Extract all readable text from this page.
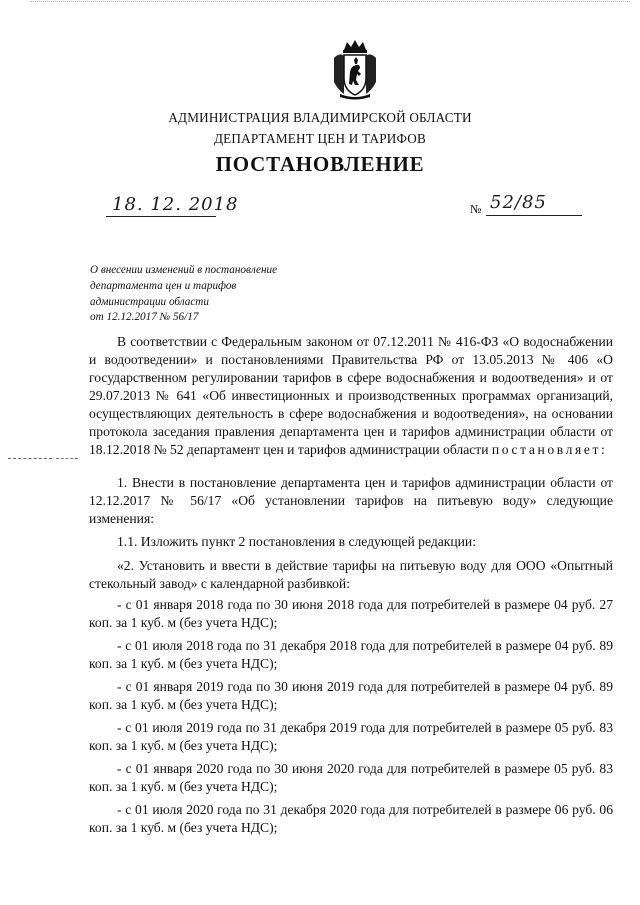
АДМИНИСТРАЦИЯ ВЛАДИМИРСКОЙ ОБЛАСТИ
ДЕПАРТАМЕНТ ЦЕН И ТАРИФОВ
ПОСТАНОВЛЕНИЕ
18. 12. 2018	№ 52/85
О внесении изменений в постановление
департамента цен и тарифов
администрации области
от 12.12.2017 № 56/17
В соответствии с Федеральным законом от 07.12.2011 № 416-ФЗ «О водоснабжении и водоотведении» и постановлениями Правительства РФ от 13.05.2013 № 406 «О государственном регулировании тарифов в сфере водоснабжения и водоотведения» и от 29.07.2013 № 641 «Об инвестиционных и производственных программах организаций, осуществляющих деятельность в сфере водоснабжения и водоотведения», на основании протокола заседания правления департамента цен и тарифов администрации области от 18.12.2018 № 52 департамент цен и тарифов администрации области постановляет:
1. Внести в постановление департамента цен и тарифов администрации области от 12.12.2017 № 56/17 «Об установлении тарифов на питьевую воду» следующие изменения:
1.1. Изложить пункт 2 постановления в следующей редакции:
«2. Установить и ввести в действие тарифы на питьевую воду для ООО «Опытный стекольный завод» с календарной разбивкой:
- с 01 января 2018 года по 30 июня 2018 года для потребителей в размере 04 руб. 27 коп. за 1 куб. м (без учета НДС);
- с 01 июля 2018 года по 31 декабря 2018 года для потребителей в размере 04 руб. 89 коп. за 1 куб. м (без учета НДС);
- с 01 января 2019 года по 30 июня 2019 года для потребителей в размере 04 руб. 89 коп. за 1 куб. м (без учета НДС);
- с 01 июля 2019 года по 31 декабря 2019 года для потребителей в размере 05 руб. 83 коп. за 1 куб. м (без учета НДС);
- с 01 января 2020 года по 30 июня 2020 года для потребителей в размере 05 руб. 83 коп. за 1 куб. м (без учета НДС);
- с 01 июля 2020 года по 31 декабря 2020 года для потребителей в размере 06 руб. 06 коп. за 1 куб. м (без учета НДС);
